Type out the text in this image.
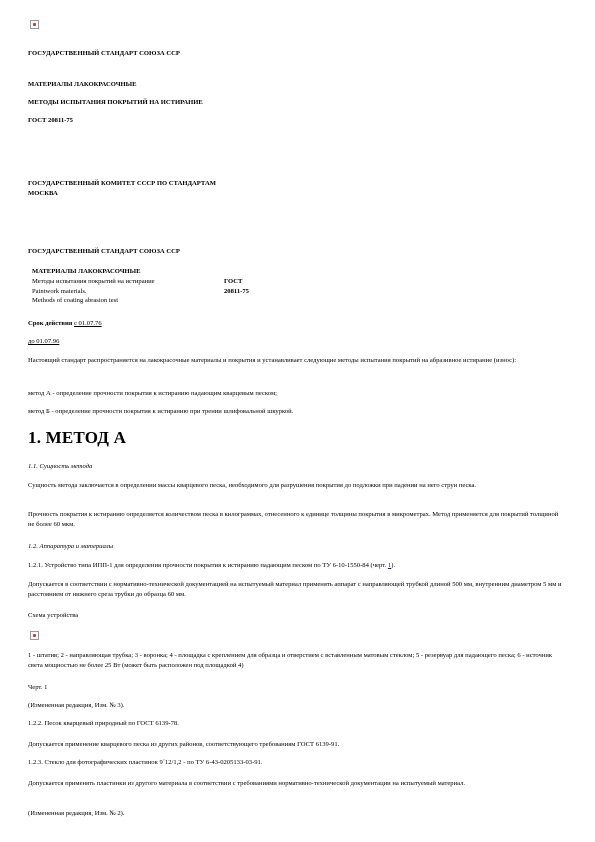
ГОСУДАРСТВЕННЫЙ СТАНДАРТ СОЮЗА ССР
МАТЕРИАЛЫ ЛАКОКРАСОЧНЫЕ
МЕТОДЫ ИСПЫТАНИЯ ПОКРЫТИЙ НА ИСТИРАНИЕ
ГОСТ 20811-75
ГОСУДАРСТВЕННЫЙ КОМИТЕТ СССР ПО СТАНДАРТАМ
МОСКВА
ГОСУДАРСТВЕННЫЙ СТАНДАРТ СОЮЗА ССР
МАТЕРИАЛЫ ЛАКОКРАСОЧНЫЕ
Методы испытания покрытий на истирание	ГОСТ
Paintwork materials.	20811-75
Methods of coating abrasion test
Срок действия с 01.07.76
до 01.07.96
Настоящий стандарт распространяется на лакокрасочные материалы и покрытия и устанавливает следующие методы испытания покрытий на абразивное истирание (износ):
метод А - определение прочности покрытия к истиранию падающим кварцевым песком;
метод Б - определение прочности покрытия к истиранию при трении шлифовальной шкуркой.
1. МЕТОД А
1.1. Сущность метода
Сущность метода заключается в определении массы кварцевого песка, необходимого для разрушения покрытия до подложки при падении на него струи песка.
Прочность покрытия к истиранию определяется количеством песка в килограммах, отнесенного к единице толщины покрытия в микрометрах. Метод применяется для покрытий толщиной не более 60 мкм.
1.2. Аппаратура и материалы
1.2.1. Устройство типа ИПП-1 для определения прочности покрытия к истиранию падающим песком по ТУ 6-10-1550-84 (черт. 1).
Допускается в соответствии с нормативно-технической документацией на испытуемый материал применять аппарат с направляющей трубкой длиной 500 мм, внутренним диаметром 5 мм и расстоянием от нижнего среза трубки до образца 60 мм.
Схема устройства
1 - штатив; 2 - направляющая трубка; 3 - воронка; 4 - площадка с креплением для образца и отверстием с вставленным матовым стеклом; 5 - резервуар для падающего песка; 6 - источник света мощностью не более 25 Вт (может быть расположен под площадкой 4)
Черт. 1
(Измененная редакция, Изм. № 3).
1.2.2. Песок кварцевый природный по ГОСТ 6139-78.
Допускается применение кварцевого песка из других районов, соответствующего требованиям ГОСТ 6139-91.
1.2.3. Стекло для фотографических пластинок 9´12/1,2 - по ТУ 6-43-0205133-03-91.
Допускается применять пластинки из другого материала в соответствии с требованиями нормативно-технической документации на испытуемый материал.
(Измененная редакция, Изм. № 2).
